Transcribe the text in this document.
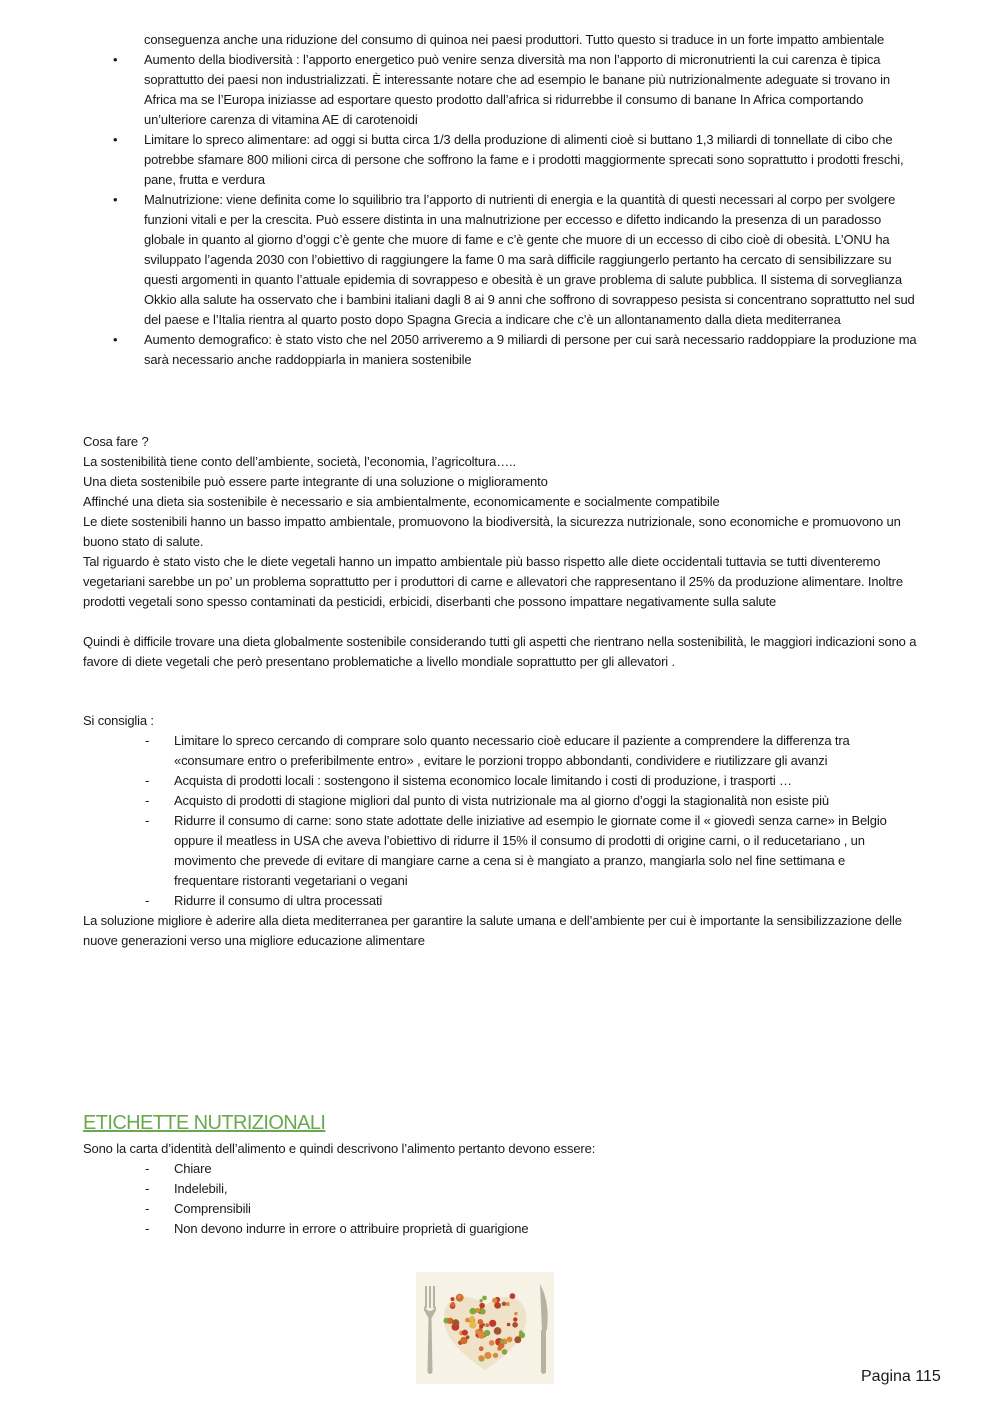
conseguenza anche una riduzione del consumo di quinoa nei paesi produttori. Tutto questo si traduce in un forte impatto ambientale
• Aumento della biodiversità : l’apporto energetico può venire senza diversità ma non l’apporto di micronutrienti la cui carenza è tipica soprattutto dei paesi non industrializzati. È interessante notare che ad esempio le banane più nutrizionalmente adeguate si trovano in Africa ma se l’Europa iniziasse ad esportare questo prodotto dall’africa si ridurrebbe il consumo di banane In Africa comportando un’ulteriore carenza di vitamina AE di carotenoidi
• Limitare lo spreco alimentare: ad oggi si butta circa 1/3 della produzione di alimenti cioè si buttano 1,3 miliardi di tonnellate di cibo che potrebbe sfamare 800 milioni circa di persone che soffrono la fame e i prodotti maggiormente sprecati sono soprattutto i prodotti freschi, pane, frutta e verdura
• Malnutrizione: viene definita come lo squilibrio tra l’apporto di nutrienti di energia e la quantità di questi necessari al corpo per svolgere funzioni vitali e per la crescita. Può essere distinta in una malnutrizione per eccesso e difetto indicando la presenza di un paradosso globale in quanto al giorno d’oggi c’è gente che muore di fame e c’è gente che muore di un eccesso di cibo cioè di obesità. L’ONU ha sviluppato l’agenda 2030 con l’obiettivo di raggiungere la fame 0 ma sarà difficile raggiungerlo pertanto ha cercato di sensibilizzare su questi argomenti in quanto l’attuale epidemia di sovrappeso e obesità è un grave problema di salute pubblica. Il sistema di sorveglianza Okkio alla salute ha osservato che i bambini italiani dagli 8 ai 9 anni che soffrono di sovrappeso pesista si concentrano soprattutto nel sud del paese e l’Italia rientra al quarto posto dopo Spagna Grecia a indicare che c’è un allontanamento dalla dieta mediterranea
• Aumento demografico: è stato visto che nel 2050 arriveremo a 9 miliardi di persone per cui sarà necessario raddoppiare la produzione ma sarà necessario anche raddoppiarla in maniera sostenibile

Cosa fare ?

La sostenibilità tiene conto dell’ambiente, società, l’economia, l’agricoltura…..

Una dieta sostenibile può essere parte integrante di una soluzione o miglioramento

Affinché una dieta sia sostenibile è necessario e sia ambientalmente, economicamente e socialmente compatibile

Le diete sostenibili hanno un basso impatto ambientale, promuovono la biodiversità, la sicurezza nutrizionale, sono economiche e promuovono un buono stato di salute.

Tal riguardo è stato visto che le diete vegetali hanno un impatto ambientale più basso rispetto alle diete occidentali tuttavia se tutti diventeremo vegetariani sarebbe un po’ un problema soprattutto per i produttori di carne e allevatori che rappresentano il 25% da produzione alimentare. Inoltre prodotti vegetali sono spesso contaminati da pesticidi, erbicidi, diserbanti che possono impattare negativamente sulla salute

Quindi è difficile trovare una dieta globalmente sostenibile considerando tutti gli aspetti che rientrano nella sostenibilità, le maggiori indicazioni sono a favore di diete vegetali che però presentano problematiche a livello mondiale soprattutto per gli allevatori .

Si consiglia :

- Limitare lo spreco cercando di comprare solo quanto necessario cioè educare il paziente a comprendere la differenza tra «consumare entro o preferibilmente entro» , evitare le porzioni troppo abbondanti, condividere e riutilizzare gli avanzi
- Acquista di prodotti locali : sostengono il sistema economico locale limitando i costi di produzione, i trasporti …
- Acquisto di prodotti di stagione migliori dal punto di vista nutrizionale ma al giorno d’oggi la stagionalità non esiste più
- Ridurre il consumo di carne: sono state adottate delle iniziative ad esempio le giornate come il « giovedì senza carne» in Belgio oppure il meatless in USA che aveva l’obiettivo di ridurre il 15% il consumo di prodotti di origine carni, o il reducetariano , un movimento che prevede di evitare di mangiare carne a cena si è mangiato a pranzo, mangiarla solo nel fine settimana e frequentare ristoranti vegetariani o vegani
- Ridurre il consumo di ultra processati

La soluzione migliore è aderire alla dieta mediterranea per garantire la salute umana e dell’ambiente per cui è importante la sensibilizzazione delle nuove generazioni verso una migliore educazione alimentare

ETICHETTE NUTRIZIONALI

Sono la carta d’identità dell’alimento e quindi descrivono l’alimento pertanto devono essere:

- Chiare
- Indelebili,
- Comprensibili
- Non devono indurre in errore o attribuire proprietà di guarigione
Pagina 115
